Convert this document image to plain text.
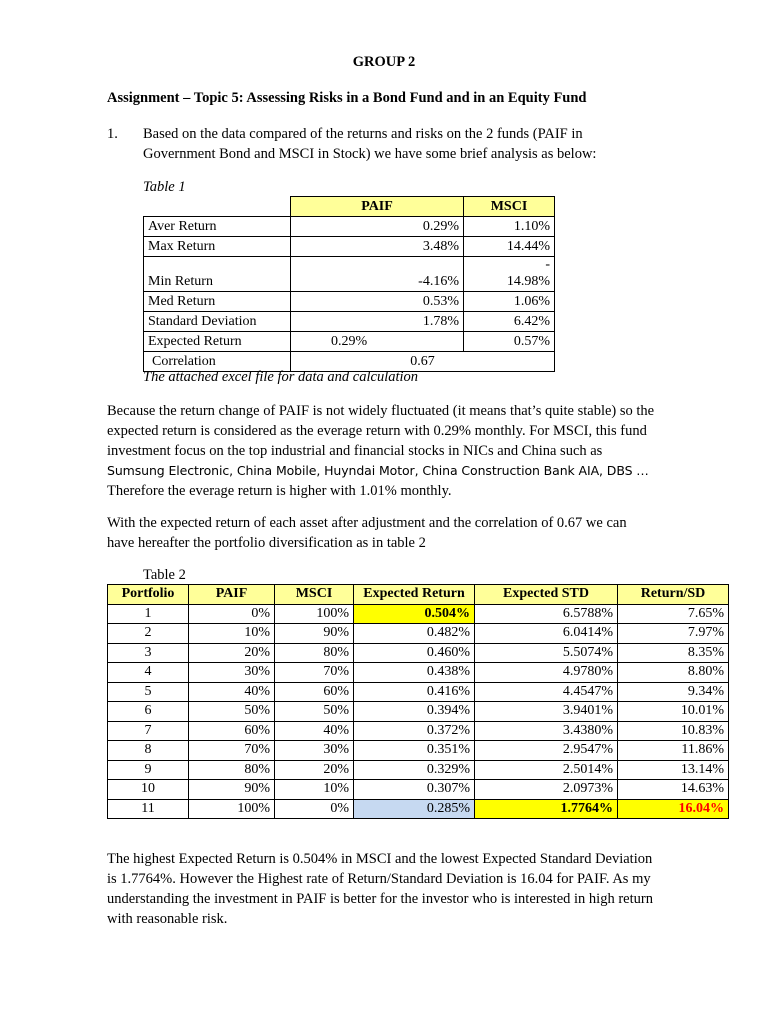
GROUP 2
Assignment – Topic 5: Assessing Risks in a Bond Fund and in an Equity Fund
1. Based on the data compared of the returns and risks on the 2 funds (PAIF in
Government Bond and MSCI in Stock) we have some brief analysis as below:
Table 1
	PAIF	MSCI
Aver Return	0.29%	1.10%
Max Return	3.48%	14.44%
Min Return	-4.16%	-
14.98%
Med Return	0.53%	1.06%
Standard Deviation	1.78%	6.42%
Expected Return	0.29%	0.57%
Correlation	0.67	
The attached excel file for data and calculation
Because the return change of PAIF is not widely fluctuated (it means that’s quite stable) so the
expected return is considered as the everage return with 0.29% monthly. For MSCI, this fund
investment focus on the top industrial and financial stocks in NICs and China such as
Sumsung Electronic, China Mobile, Huyndai Motor, China Construction Bank AIA, DBS …
Therefore the everage return is higher with 1.01% monthly.
With the expected return of each asset after adjustment and the correlation of 0.67 we can
have hereafter the portfolio diversification as in table 2
Table 2
Portfolio	PAIF	MSCI	Expected Return	Expected STD	Return/SD
1	0%	100%	0.504%	6.5788%	7.65%
2	10%	90%	0.482%	6.0414%	7.97%
3	20%	80%	0.460%	5.5074%	8.35%
4	30%	70%	0.438%	4.9780%	8.80%
5	40%	60%	0.416%	4.4547%	9.34%
6	50%	50%	0.394%	3.9401%	10.01%
7	60%	40%	0.372%	3.4380%	10.83%
8	70%	30%	0.351%	2.9547%	11.86%
9	80%	20%	0.329%	2.5014%	13.14%
10	90%	10%	0.307%	2.0973%	14.63%
11	100%	0%	0.285%	1.7764%	16.04%
The highest Expected Return is 0.504% in MSCI and the lowest Expected Standard Deviation
is 1.7764%. However the Highest rate of Return/Standard Deviation is 16.04 for PAIF. As my
understanding the investment in PAIF is better for the investor who is interested in high return
with reasonable risk.
